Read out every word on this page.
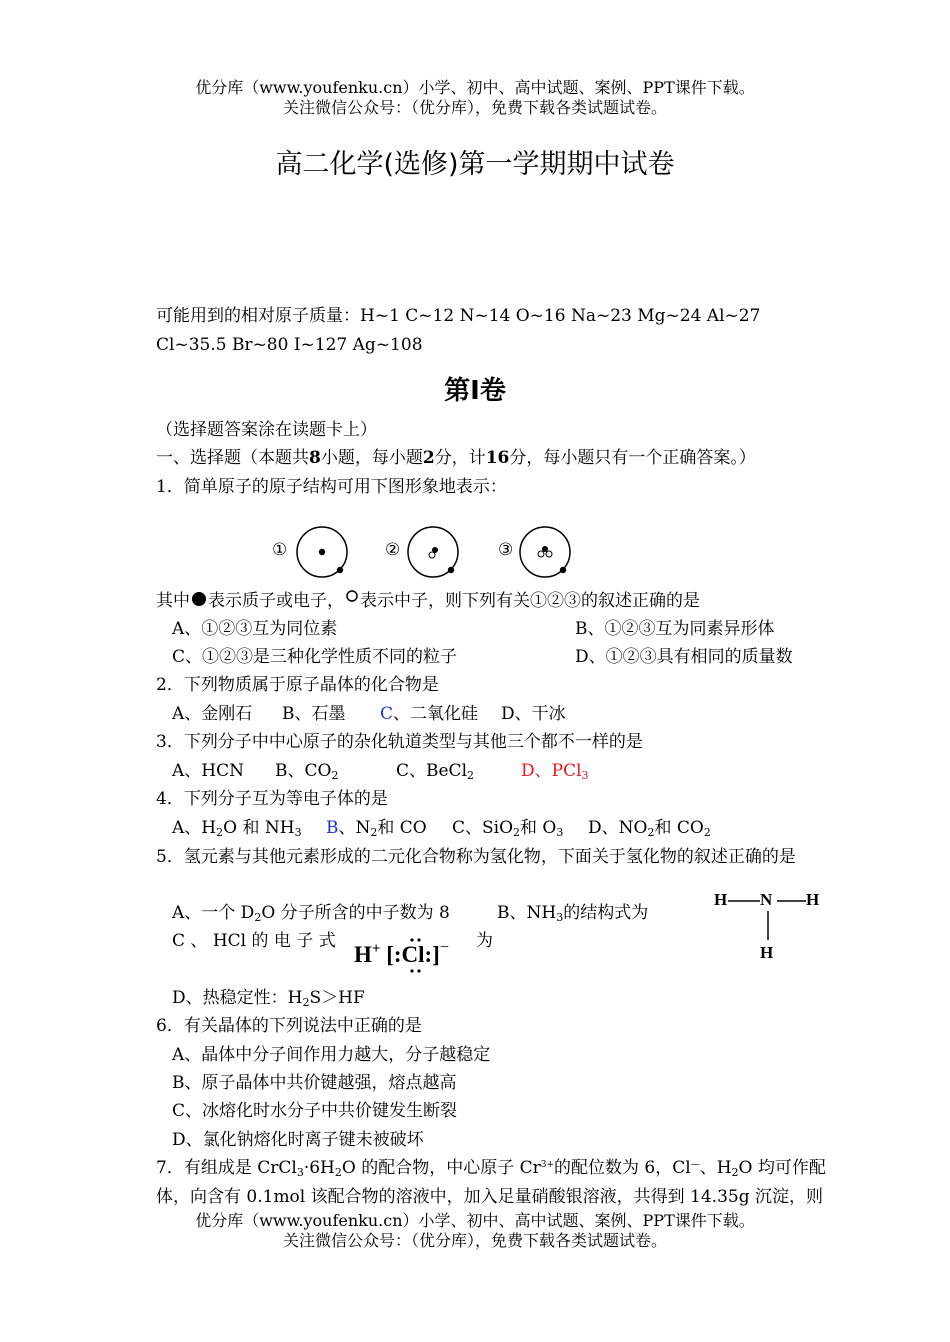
优分库（www.youfenku.cn）小学、初中、高中试题、案例、PPT课件下载。
关注微信公众号：（优分库），免费下载各类试题试卷。
高二化学(选修)第一学期期中试卷
可能用到的相对原子质量：H~1 C~12 N~14 O~16 Na~23 Mg~24 Al~27
Cl~35.5 Br~80 I~127 Ag~108
第Ⅰ卷
（选择题答案涂在读题卡上）
一、选择题（本题共8小题，每小题2分，计16分，每小题只有一个正确答案。）
1．简单原子的原子结构可用下图形象地表示：
①	②	③
其中 表示质子或电子， 表示中子，则下列有关①②③的叙述正确的是
A、①②③互为同位素	B、①②③互为同素异形体
C、①②③是三种化学性质不同的粒子	D、①②③具有相同的质量数
2．下列物质属于原子晶体的化合物是
A、金刚石 B、石墨 C、二氧化硅 D、干冰
3．下列分子中中心原子的杂化轨道类型与其他三个都不一样的是
A、HCN B、$CO_2$	C、BeCl$_2$	D、PCl$_3$
4．下列分子互为等电子体的是
A、$H_2O$ 和 $NH_3$ B、$N_2$和 CO C、SiO$_2$和 $O_3$ D、$NO_2$和 $CO_2$
5．氢元素与其他元素形成的二元化合物称为氢化物，下面关于氢化物的叙述正确的是
A、一个 $D_2O$ 分子所含的中子数为 8	B、$NH_3$的结构式为
H N H
H
C 、 HCl 的 电 子 式
H+ [:Cl:]− 为
D、热稳定性：$H_2S>HF$
6．有关晶体的下列说法中正确的是
A、晶体中分子间作用力越大，分子越稳定
B、原子晶体中共价键越强，熔点越高
C、冰熔化时水分子中共价键发生断裂
D、氯化钠熔化时离子键未被破坏
7．有组成是 $CrCl_3\cdot 6H_2O$ 的配合物，中心原子 $Cr^{3+}$的配位数为 6，Cl—、$H_2O$ 均可作配
体，向含有 0.1mol 该配合物的溶液中，加入足量硝酸银溶液，共得到 14.35g 沉淀，则
优分库（www.youfenku.cn）小学、初中、高中试题、案例、PPT课件下载。
关注微信公众号：（优分库），免费下载各类试题试卷。
